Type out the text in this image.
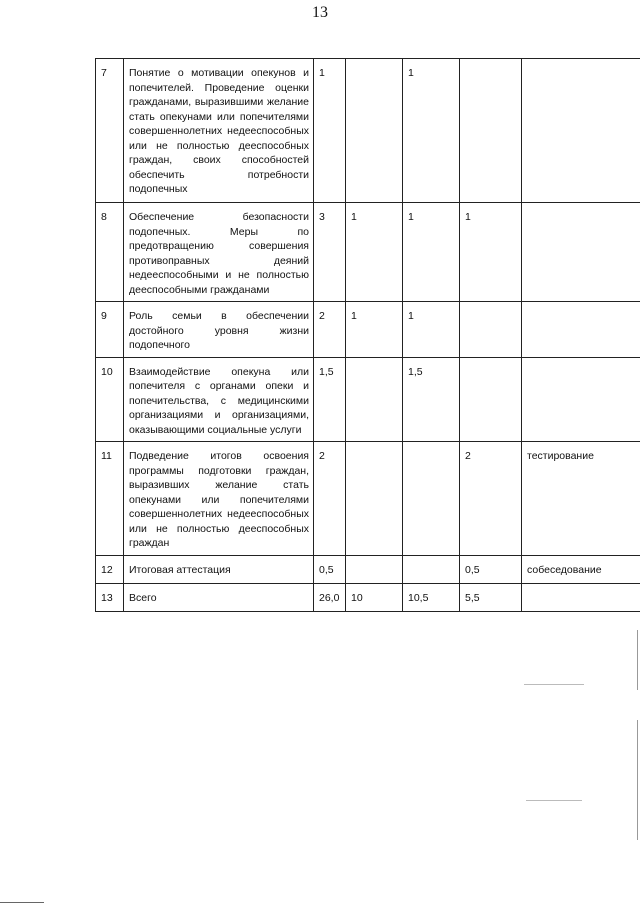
13
7	Понятие о мотивации опекунов и попечителей. Проведение оценки гражданами, выразившими желание стать опекунами или попечителями совершеннолетних недееспособных или не полностью дееспособных граждан, своих способностей обеспечить потребности подопечных	1		1		
8	Обеспечение безопасности подопечных. Меры по предотвращению совершения противоправных деяний недееспособными и не полностью дееспособными гражданами	3	1	1	1	
9	Роль семьи в обеспечении достойного уровня жизни подопечного	2	1	1		
10	Взаимодействие опекуна или попечителя с органами опеки и попечительства, с медицинскими организациями и организациями, оказывающими социальные услуги	1,5		1,5		
11	Подведение итогов освоения программы подготовки граждан, выразивших желание стать опекунами или попечителями совершеннолетних недееспособных или не полностью дееспособных граждан	2			2	тестирование
12	Итоговая аттестация	0,5			0,5	собеседование
13	Всего	26,0	10	10,5	5,5	
